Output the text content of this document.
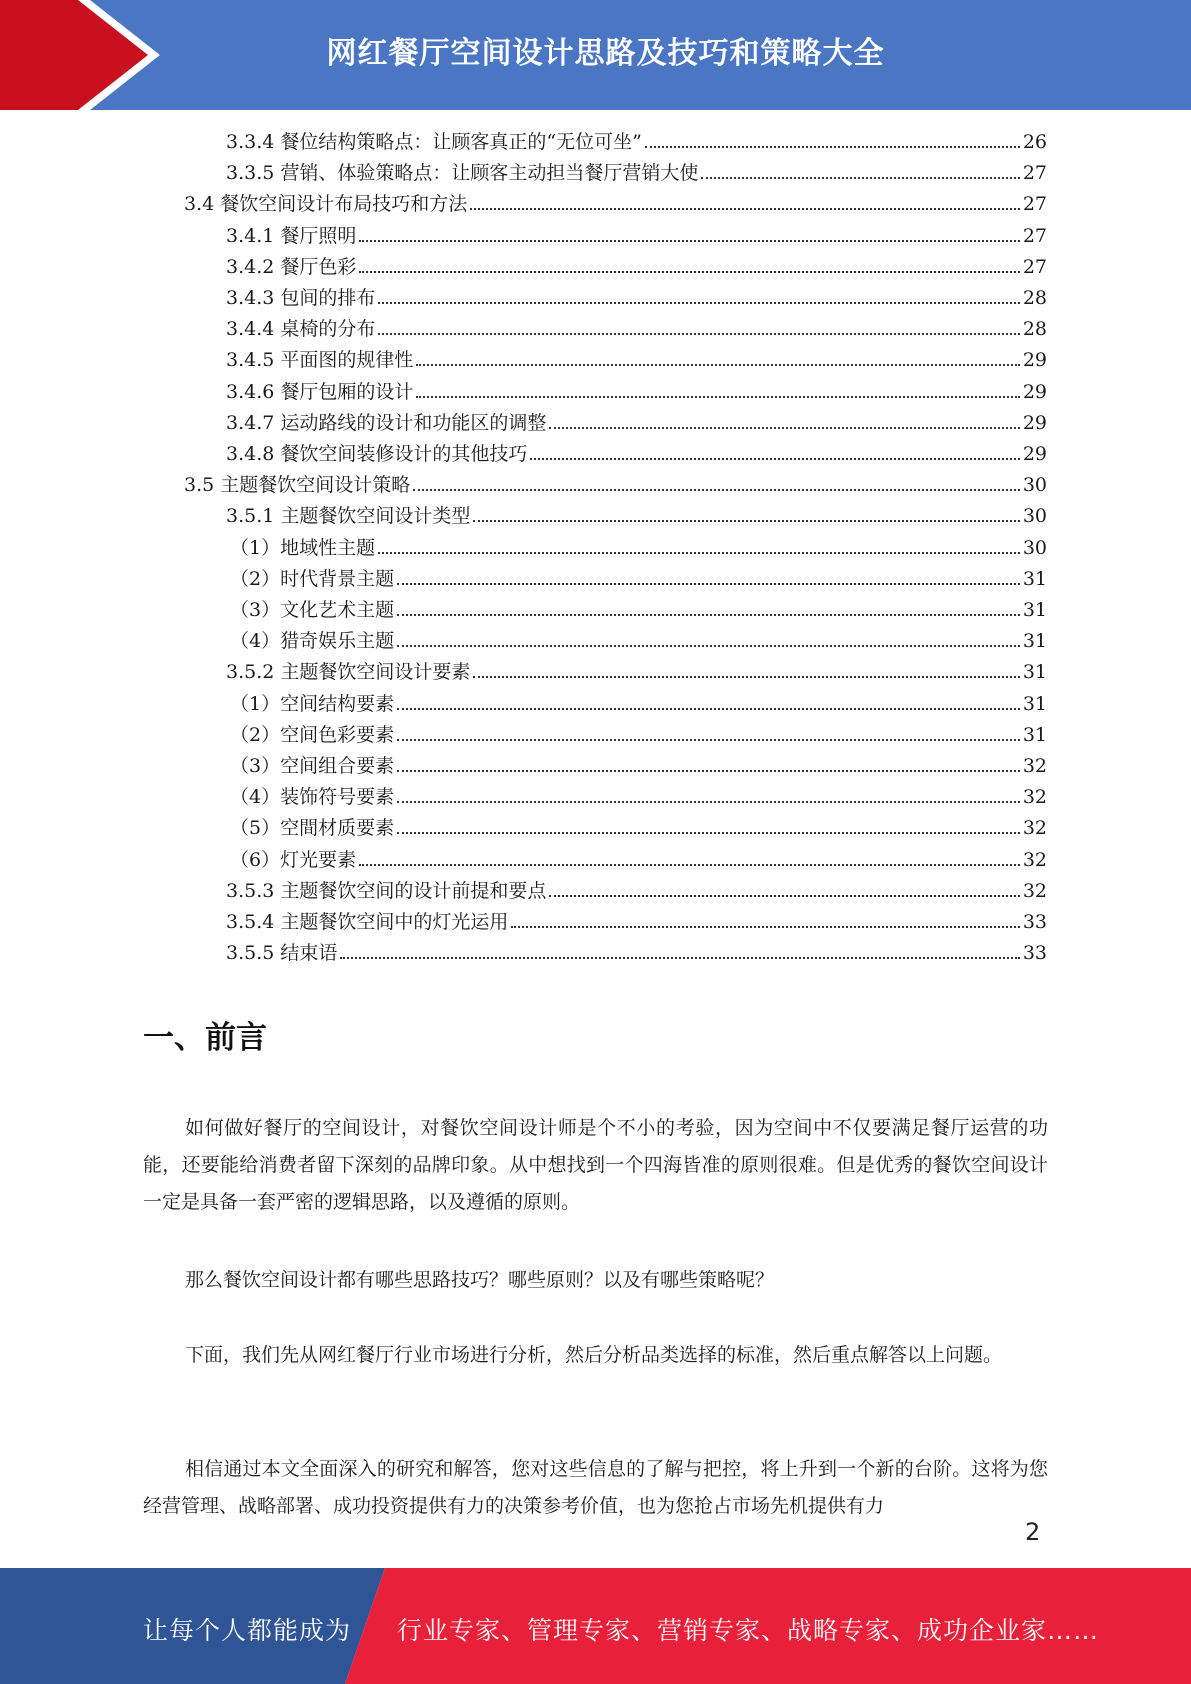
网红餐厅空间设计思路及技巧和策略大全
3.3.4 餐位结构策略点：让顾客真正的“无位可坐”	26
3.3.5 营销、体验策略点：让顾客主动担当餐厅营销大使	27
3.4 餐饮空间设计布局技巧和方法	27
3.4.1 餐厅照明	27
3.4.2 餐厅色彩	27
3.4.3 包间的排布	28
3.4.4 桌椅的分布	28
3.4.5 平面图的规律性	29
3.4.6 餐厅包厢的设计	29
3.4.7 运动路线的设计和功能区的调整	29
3.4.8 餐饮空间装修设计的其他技巧	29
3.5 主题餐饮空间设计策略	30
3.5.1 主题餐饮空间设计类型	30
（1）地域性主题	30
（2）时代背景主题	31
（3）文化艺术主题	31
（4）猎奇娱乐主题	31
3.5.2 主题餐饮空间设计要素	31
（1）空间结构要素	31
（2）空间色彩要素	31
（3）空间组合要素	32
（4）装饰符号要素	32
（5）空間材质要素	32
（6）灯光要素	32
3.5.3 主题餐饮空间的设计前提和要点	32
3.5.4 主题餐饮空间中的灯光运用	33
3.5.5 结束语	33
一、前言

如何做好餐厅的空间设计，对餐饮空间设计师是个不小的考验，因为空间中不仅要满足餐厅运营的功能，还要能给消费者留下深刻的品牌印象。从中想找到一个四海皆准的原则很难。但是优秀的餐饮空间设计一定是具备一套严密的逻辑思路，以及遵循的原则。

那么餐饮空间设计都有哪些思路技巧？哪些原则？以及有哪些策略呢？

下面，我们先从网红餐厅行业市场进行分析，然后分析品类选择的标准，然后重点解答以上问题。

相信通过本文全面深入的研究和解答，您对这些信息的了解与把控，将上升到一个新的台阶。这将为您经营管理、战略部署、成功投资提供有力的决策参考价值，也为您抢占市场先机提供有力

2
让每个人都能成为 行业专家、管理专家、营销专家、战略专家、成功企业家……
